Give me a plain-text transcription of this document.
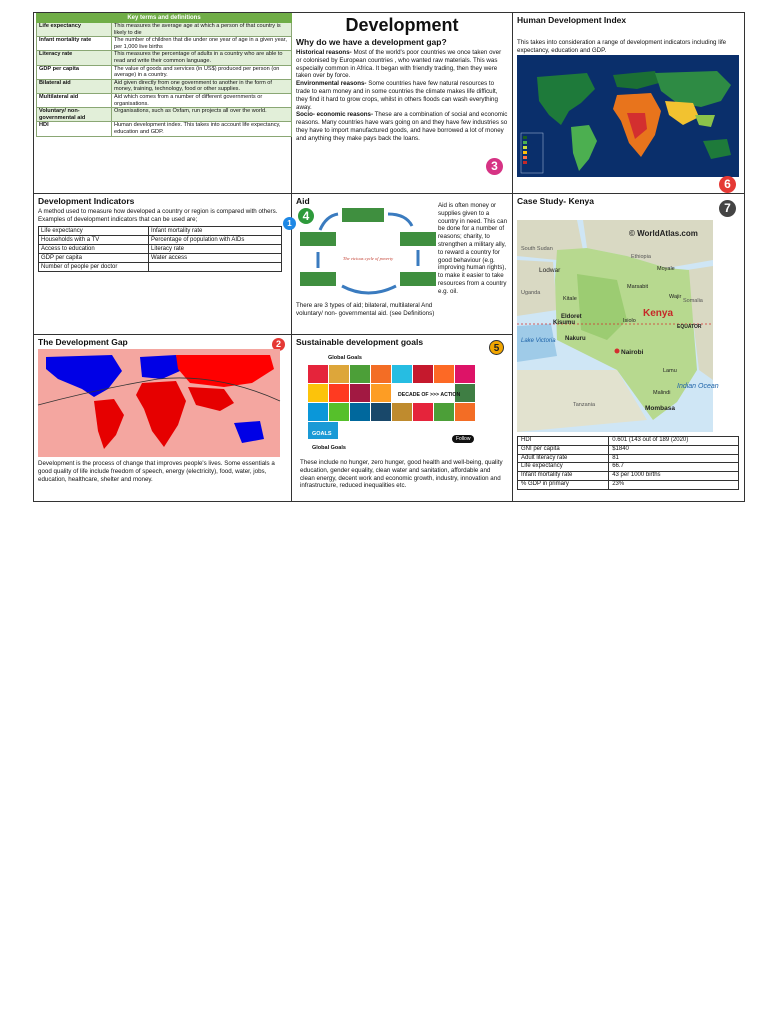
Key terms and definitions	
Life expectancy	This measures the average age at which a person of that country is likely to die
Infant mortality rate	The number of children that die under one year of age in a given year, per 1,000 live births
Literacy rate	This measures the percentage of adults in a country who are able to read and write their common language.
GDP per capita	The value of goods and services (in US$) produced per person (on average) in a country.
Bilateral aid	Aid given directly from one government to another in the form of money, training, technology, food or other supplies.
Multilateral aid	Aid which comes from a number of different governments or organisations.
Voluntary/ non-governmental aid	Organisations, such as Oxfam, run projects all over the world.
HDI	Human development index. This takes into account life expectancy, education and GDP.
Development
Why do we have a development gap?
Historical reasons- Most of the world's poor countries we once taken over or colonised by European countries , who wanted raw materials. This was especially common in Africa. It began with friendly trading, then they were taken over by force.
Environmental reasons- Some countries have few natural resources to trade to earn money and in some countries the climate makes life difficult, they find it hard to grow crops, whilst in others floods can wash everything away.
Socio- economic reasons- These are a combination of social and economic reasons. Many countries have wars going on and they have few industries so they have to import manufactured goods, and have borrowed a lot of money and anything they make pays back the loans.
3
Human Development Index
This takes into consideration a range of development indicators including life expectancy, education and GDP.
6
Development Indicators
A method used to measure how developed a country or region is compared with others. Examples of development indicators that can be used are;
Life expectancy	Infant mortality rate
Households with a TV	Percentage of population with AIDs
Access to education	Literacy rate
GDP per capita	Water access
Number of people per doctor	
1
Aid
The vicious cycle of poverty
4
Aid is often money or supplies given to a country in need. This can be done for a number of reasons; charity, to strengthen a military ally, to reward a country for good behaviour (e.g. improving human rights), to make it easier to take resources from a country e.g. oil.
There are 3 types of aid; bilateral, multilateral And voluntary/ non- governmental aid. (see Definitions)
Case Study- Kenya	7
© WorldAtlas.com
Kenya
South Sudan
Ethiopia
Somalia
Uganda
Tanzania
Lake Victoria
Indian Ocean
Nairobi
Mombasa
Lodwar
Marsabit
Moyale
Wajir
Kisumu
Nakuru
Eldoret
Malindi
Lamu
Isiolo
Kitale
EQUATOR
HDI	0.601 (143 out of 189 (2020)
GNI per capita	$1840
Adult literacy rate	81
Life expectancy	66.7
Infant mortality rate	43 per 1000 births
% GDP in primary	23%
The Development Gap	2
Development is the process of change that improves people's lives. Some essentials a good quality of life include freedom of speech, energy (electricity), food, water, jobs, education, healthcare, shelter and money.
Sustainable development goals
5
Global Goals
DECADE OF >>> ACTION
GOALS
Follow
Global Goals
These include no hunger, zero hunger, good health and well-being, quality education, gender equality, clean water and sanitation, affordable and clean energy, decent work and economic growth, industry, innovation and infrastructure, reduced inequalities etc.
